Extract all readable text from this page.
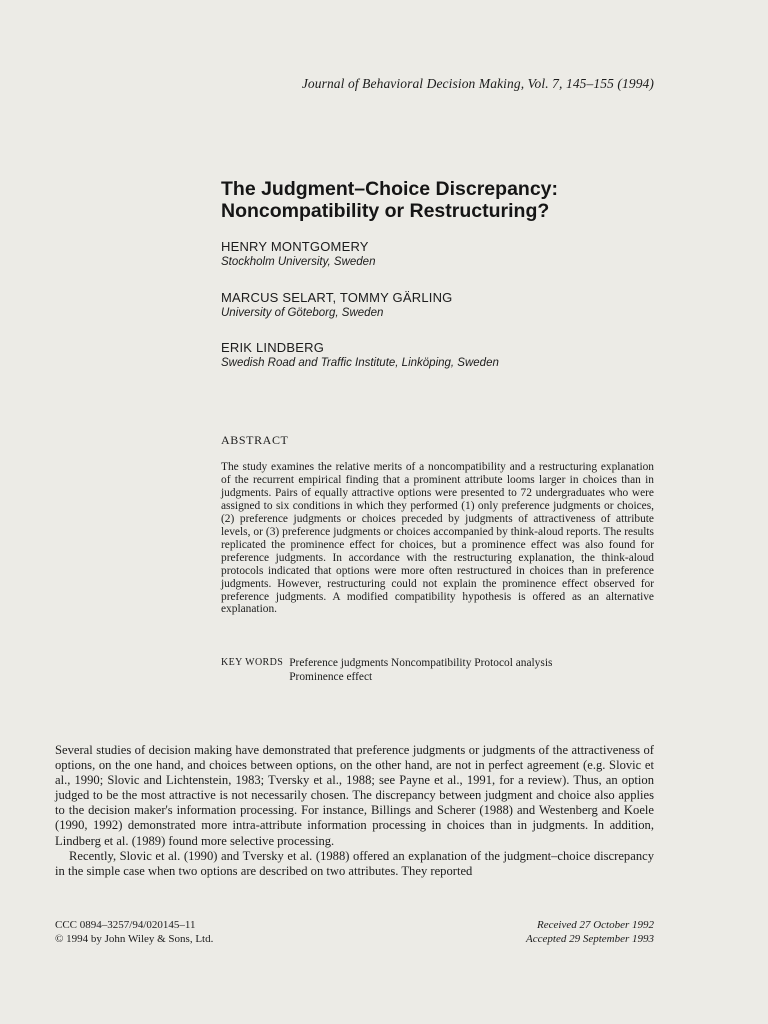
Journal of Behavioral Decision Making, Vol. 7, 145–155 (1994)
The Judgment–Choice Discrepancy:
Noncompatibility or Restructuring?
HENRY MONTGOMERY
Stockholm University, Sweden
MARCUS SELART, TOMMY GÄRLING
University of Göteborg, Sweden
ERIK LINDBERG
Swedish Road and Traffic Institute, Linköping, Sweden
ABSTRACT
The study examines the relative merits of a noncompatibility and a restructuring explanation of the recurrent empirical finding that a prominent attribute looms larger in choices than in judgments. Pairs of equally attractive options were presented to 72 undergraduates who were assigned to six conditions in which they performed (1) only preference judgments or choices, (2) preference judgments or choices preceded by judgments of attractiveness of attribute levels, or (3) preference judgments or choices accompanied by think-aloud reports. The results replicated the prominence effect for choices, but a prominence effect was also found for preference judgments. In accordance with the restructuring explanation, the think-aloud protocols indicated that options were more often restructured in choices than in preference judgments. However, restructuring could not explain the prominence effect observed for preference judgments. A modified compatibility hypothesis is offered as an alternative explanation.
KEY WORDS Preference judgments Noncompatibility Protocol analysis Prominence effect

Several studies of decision making have demonstrated that preference judgments or judgments of the attractiveness of options, on the one hand, and choices between options, on the other hand, are not in perfect agreement (e.g. Slovic et al., 1990; Slovic and Lichtenstein, 1983; Tversky et al., 1988; see Payne et al., 1991, for a review). Thus, an option judged to be the most attractive is not necessarily chosen. The discrepancy between judgment and choice also applies to the decision maker's information processing. For instance, Billings and Scherer (1988) and Westenberg and Koele (1990, 1992) demonstrated more intra-attribute information processing in choices than in judgments. In addition, Lindberg et al. (1989) found more selective processing.

Recently, Slovic et al. (1990) and Tversky et al. (1988) offered an explanation of the judgment–choice discrepancy in the simple case when two options are described on two attributes. They reported

CCC 0894–3257/94/020145–11
© 1994 by John Wiley & Sons, Ltd.
Received 27 October 1992
Accepted 29 September 1993
